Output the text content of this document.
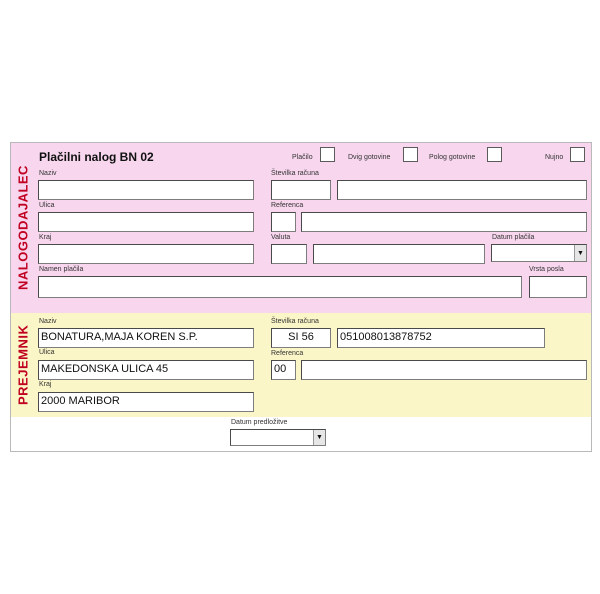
NALOGODAJALEC
Plačilni nalog BN 02	Plačilo	Dvig gotovine	Polog gotovine	Nujno
Naziv	Številka računa
Ulica	Referenca
Kraj	Valuta	Datum plačila
▼
Namen plačila	Vrsta posla
PREJEMNIK
Naziv
BONATURA,MAJA KOREN S.P.
Številka računa
SI 56	051008013878752
Ulica
MAKEDONSKA ULICA 45
Referenca
00
Kraj
2000 MARIBOR
Datum predložitve
▼
